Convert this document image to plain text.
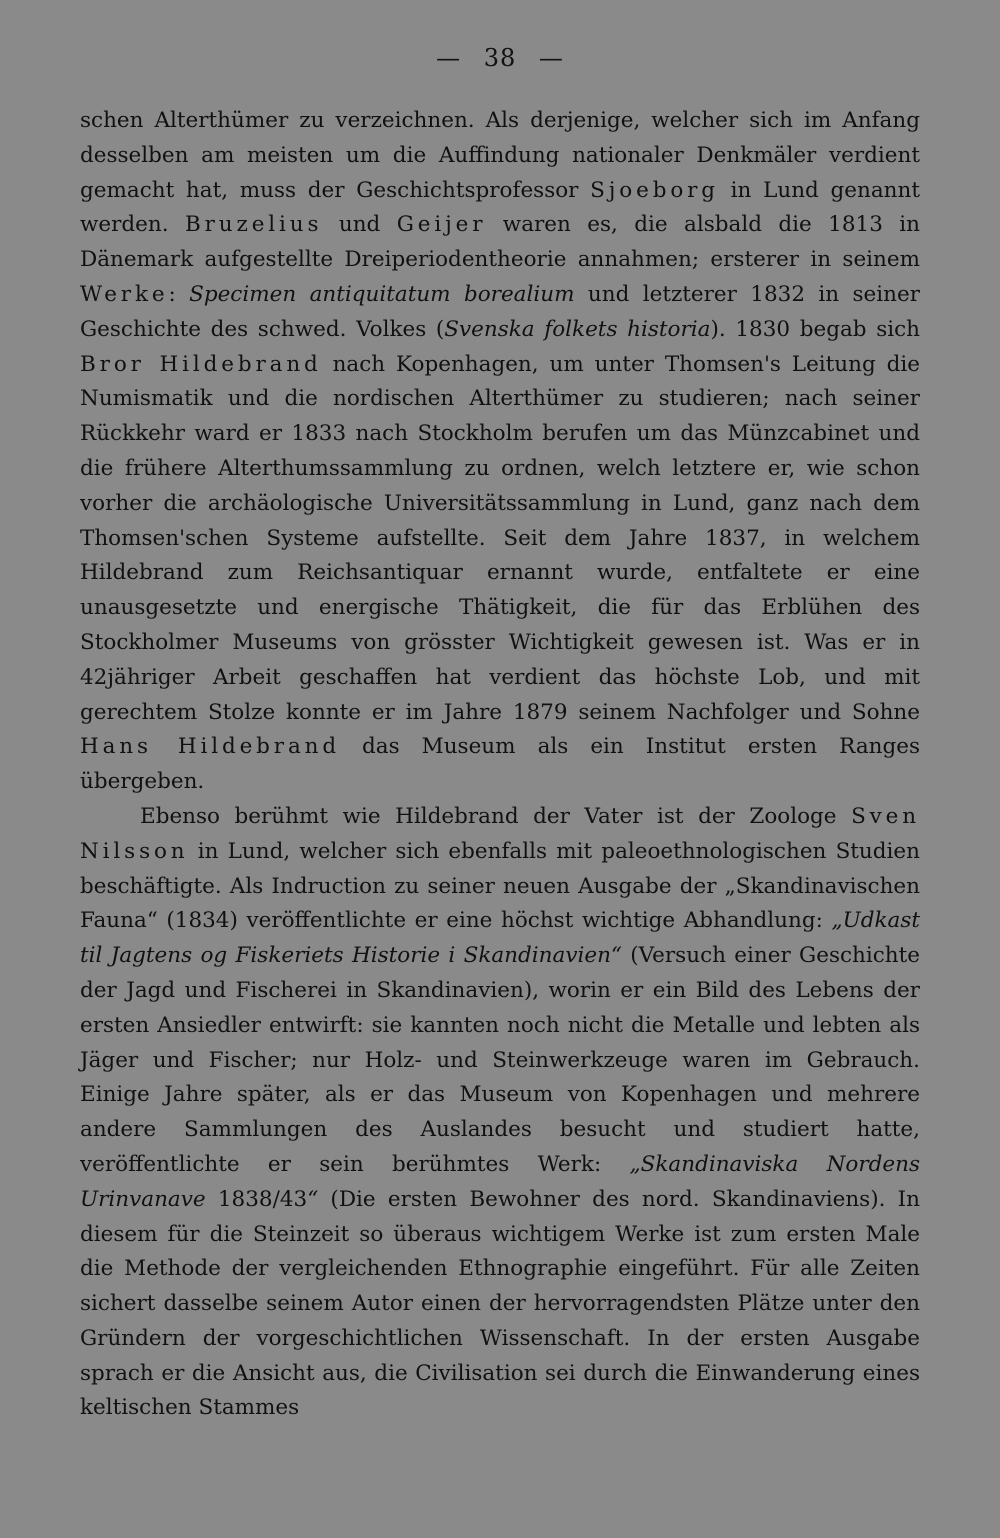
— 38 —

schen Alterthümer zu verzeichnen. Als derjenige, welcher sich im Anfang desselben am meisten um die Auffindung nationaler Denkmäler verdient gemacht hat, muss der Geschichtsprofessor Sjoeborg in Lund genannt werden. Bruzelius und Geijer waren es, die alsbald die 1813 in Dänemark aufgestellte Dreiperiodentheorie annahmen; ersterer in seinem Werke: Specimen antiquitatum borealium und letzterer 1832 in seiner Geschichte des schwed. Volkes (Svenska folkets historia). 1830 begab sich Bror Hildebrand nach Kopenhagen, um unter Thomsen's Leitung die Numismatik und die nordischen Alterthümer zu studieren; nach seiner Rückkehr ward er 1833 nach Stockholm berufen um das Münzcabinet und die frühere Alterthumssammlung zu ordnen, welch letztere er, wie schon vorher die archäologische Universitätssammlung in Lund, ganz nach dem Thomsen'schen Systeme aufstellte. Seit dem Jahre 1837, in welchem Hildebrand zum Reichsantiquar ernannt wurde, entfaltete er eine unausgesetzte und energische Thätigkeit, die für das Erblühen des Stockholmer Museums von grösster Wichtigkeit gewesen ist. Was er in 42jähriger Arbeit geschaffen hat verdient das höchste Lob, und mit gerechtem Stolze konnte er im Jahre 1879 seinem Nachfolger und Sohne Hans Hildebrand das Museum als ein Institut ersten Ranges übergeben.

Ebenso berühmt wie Hildebrand der Vater ist der Zoologe Sven Nilsson in Lund, welcher sich ebenfalls mit paleoethnologischen Studien beschäftigte. Als Indruction zu seiner neuen Ausgabe der „Skandinavischen Fauna“ (1834) veröffentlichte er eine höchst wichtige Abhandlung: „Udkast til Jagtens og Fiskeriets Historie i Skandinavien“ (Versuch einer Geschichte der Jagd und Fischerei in Skandinavien), worin er ein Bild des Lebens der ersten Ansiedler entwirft: sie kannten noch nicht die Metalle und lebten als Jäger und Fischer; nur Holz- und Steinwerkzeuge waren im Gebrauch. Einige Jahre später, als er das Museum von Kopenhagen und mehrere andere Sammlungen des Auslandes besucht und studiert hatte, veröffentlichte er sein berühmtes Werk: „Skandinaviska Nordens Urinvanave 1838/43“ (Die ersten Bewohner des nord. Skandinaviens). In diesem für die Steinzeit so überaus wichtigem Werke ist zum ersten Male die Methode der vergleichenden Ethnographie eingeführt. Für alle Zeiten sichert dasselbe seinem Autor einen der hervorragendsten Plätze unter den Gründern der vorgeschichtlichen Wissenschaft. In der ersten Ausgabe sprach er die Ansicht aus, die Civilisation sei durch die Einwanderung eines keltischen Stammes
